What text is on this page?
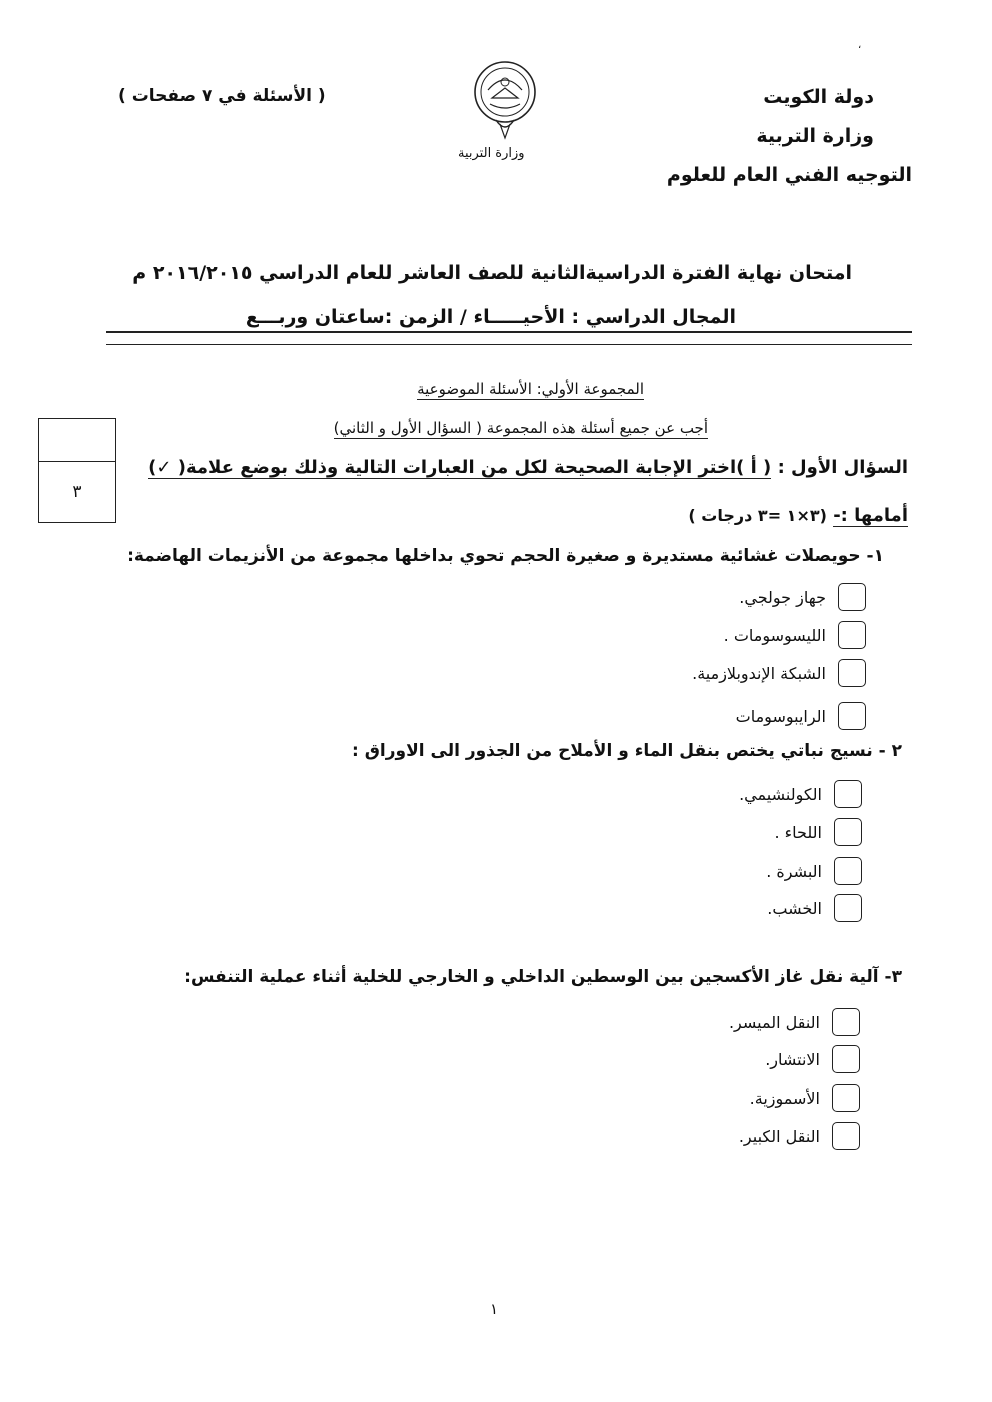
،
دولة الكويت
وزارة التربية
التوجيه الفني العام للعلوم
( الأسئلة في ٧ صفحات )
وزارة التربية
امتحان نهاية الفترة الدراسيةالثانية للصف العاشر للعام الدراسي ٢٠١٦/٢٠١٥ م
المجال الدراسي : الأحيـــــاء / الزمن :ساعتان وربـــع
المجموعة الأولي: الأسئلة الموضوعية
أجب عن جميع أسئلة هذه المجموعة ( السؤال الأول و الثاني)
٣
السؤال الأول : ( أ )اختر الإجابة الصحيحة لكل من العبارات التالية وذلك بوضع علامة( ✓)
أمامها :- (٣×١ =٣ درجات )
١- حويصلات غشائية مستديرة و صغيرة الحجم تحوي بداخلها مجموعة من الأنزيمات الهاضمة:
جهاز جولجي.
الليسوسومات .
الشبكة الإندوبلازمية.
الرايبوسومات
٢ - نسيج نباتي يختص بنقل الماء و الأملاح من الجذور الى الاوراق :
الكولنشيمي.
اللحاء .
البشرة .
الخشب.
٣- آلية نقل غاز الأكسجين بين الوسطين الداخلي و الخارجي للخلية أثناء عملية التنفس:
النقل الميسر.
الانتشار.
الأسموزية.
النقل الكبير.
١
